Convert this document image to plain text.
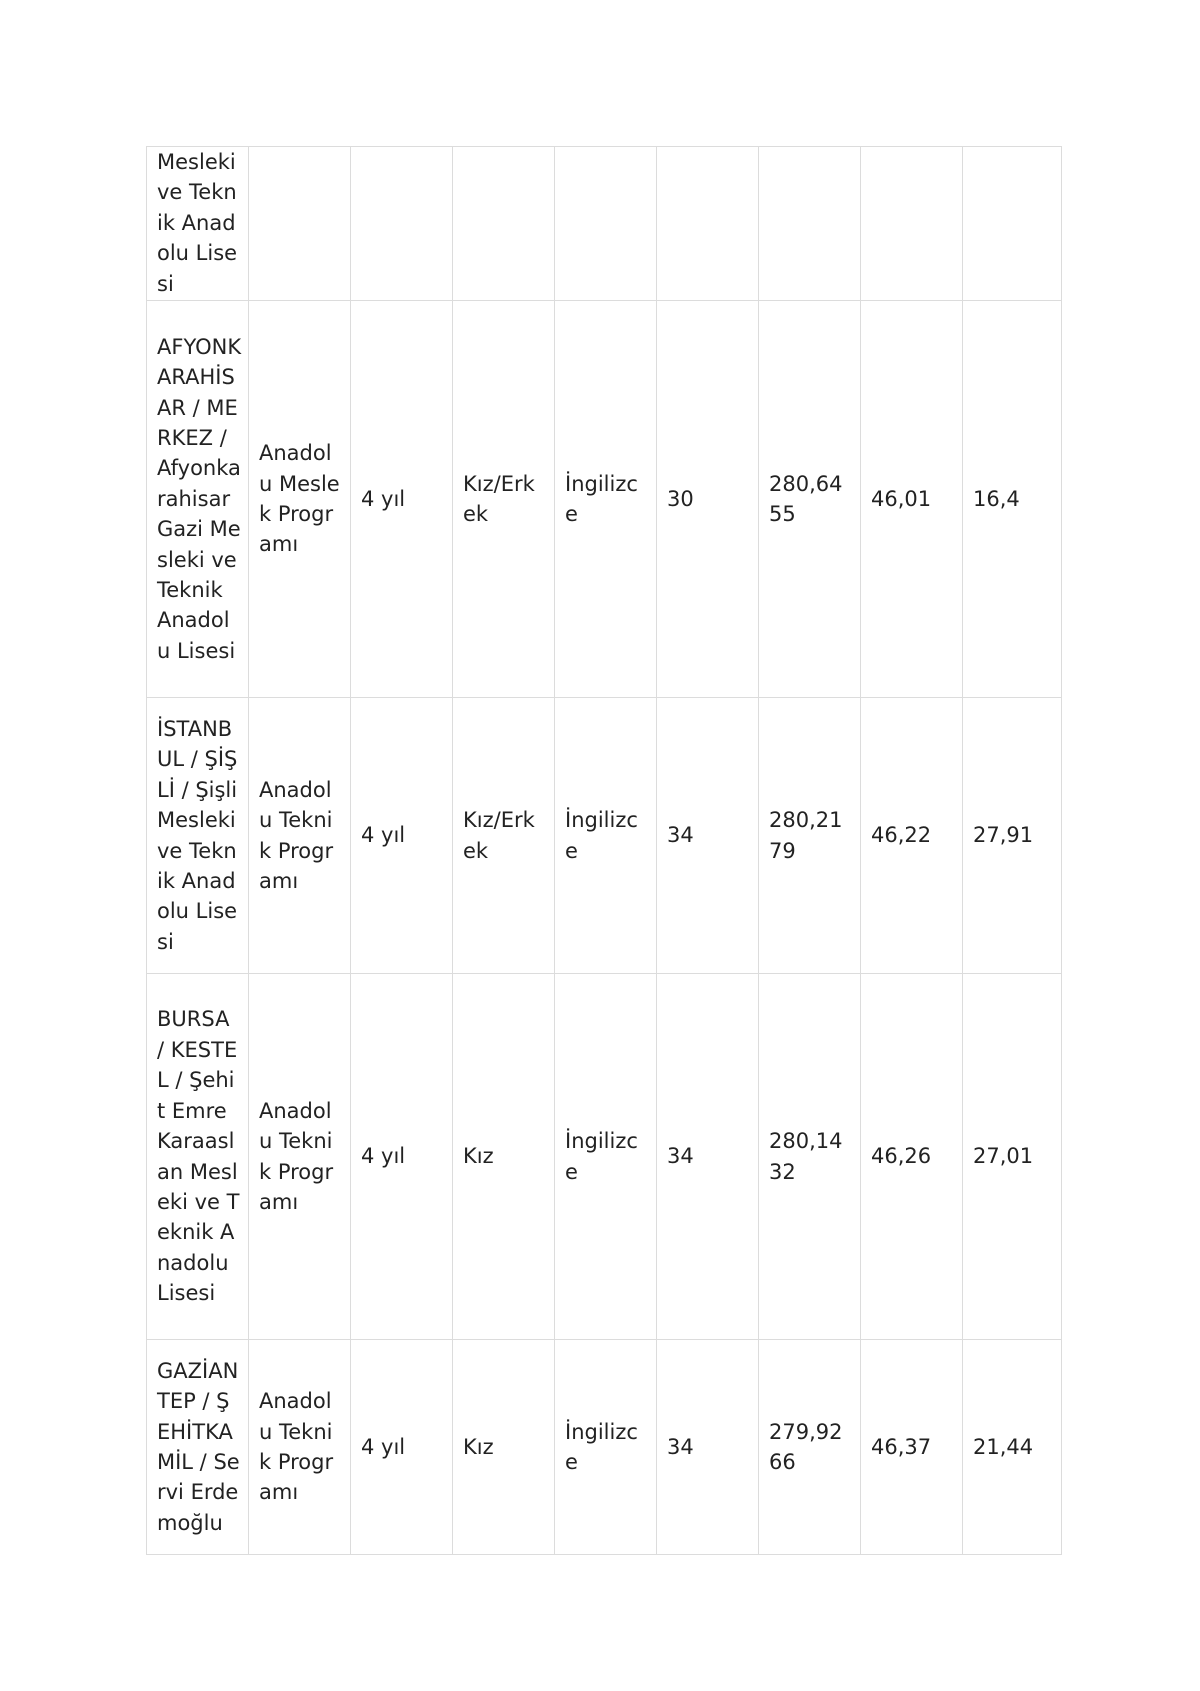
Mesleki ve Teknik Anadolu Lisesi								
AFYONKARAHİSAR / MERKEZ / Afyonkarahisar Gazi Mesleki ve Teknik Anadolu Lisesi	Anadolu Meslek Programı	4 yıl	Kız/Erkek	İngilizce	30	280,6455	46,01	16,4
İSTANBUL / ŞİŞLİ / Şişli Mesleki ve Teknik Anadolu Lisesi	Anadolu Teknik Programı	4 yıl	Kız/Erkek	İngilizce	34	280,2179	46,22	27,91
BURSA / KESTEL / Şehit Emre Karaaslan Mesleki ve Teknik Anadolu Lisesi	Anadolu Teknik Programı	4 yıl	Kız	İngilizce	34	280,1432	46,26	27,01
GAZİANTEP / ŞEHİTKAMİL / Servi Erdemoğlu	Anadolu Teknik Programı	4 yıl	Kız	İngilizce	34	279,9266	46,37	21,44
